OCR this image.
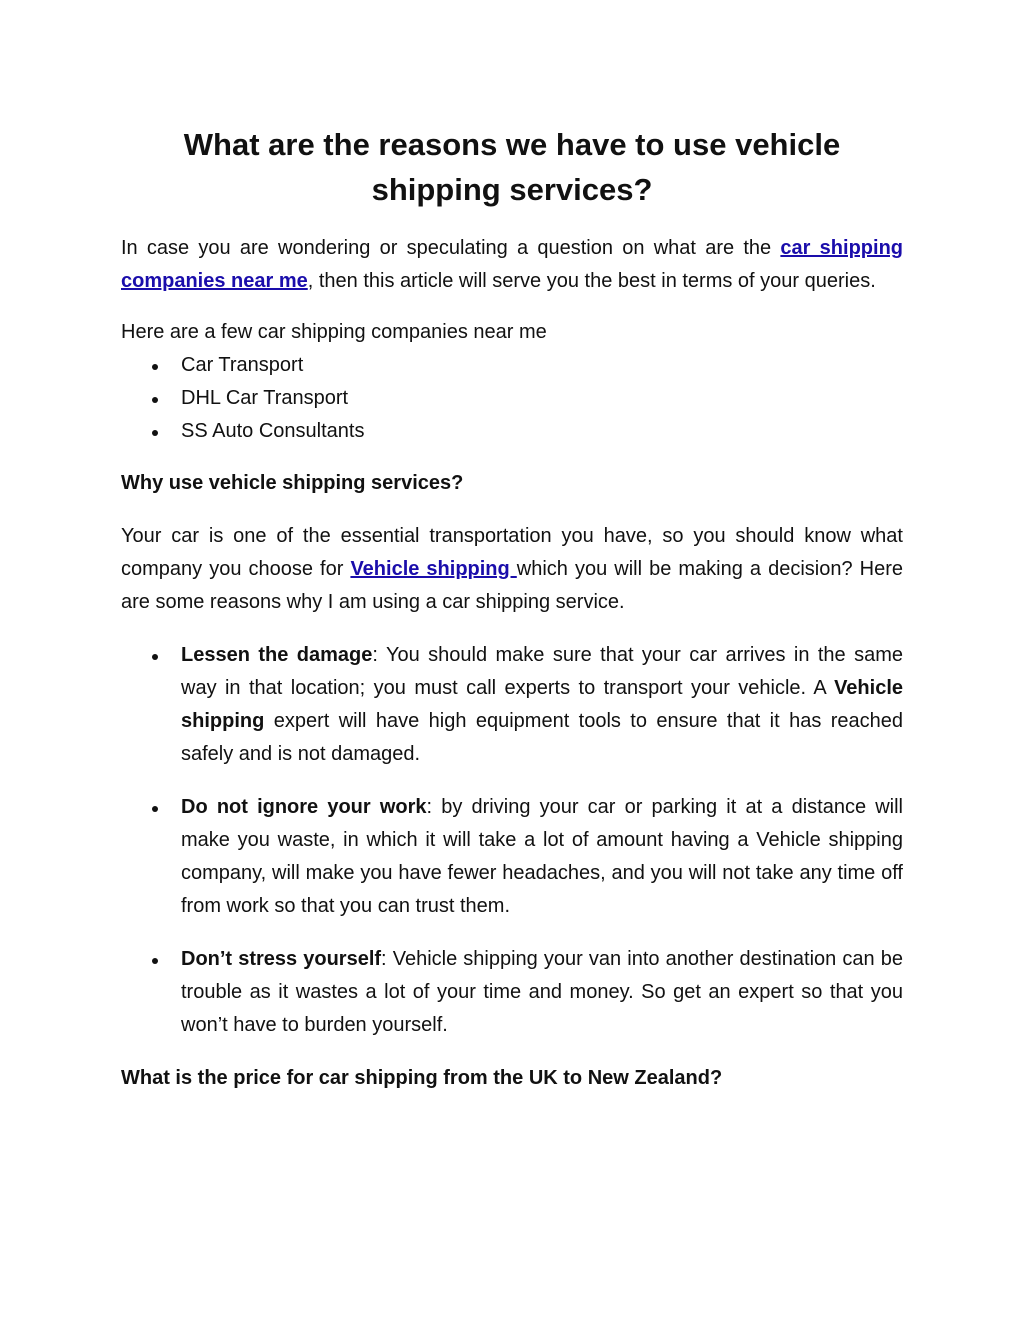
What are the reasons we have to use vehicle shipping services?

In case you are wondering or speculating a question on what are the car shipping companies near me, then this article will serve you the best in terms of your queries.

Here are a few car shipping companies near me

Car Transport
DHL Car Transport
SS Auto Consultants

Why use vehicle shipping services?

Your car is one of the essential transportation you have, so you should know what company you choose for Vehicle shipping which you will be making a decision? Here are some reasons why I am using a car shipping service.

Lessen the damage: You should make sure that your car arrives in the same way in that location; you must call experts to transport your vehicle. A Vehicle shipping expert will have high equipment tools to ensure that it has reached safely and is not damaged.
Do not ignore your work: by driving your car or parking it at a distance will make you waste, in which it will take a lot of amount having a Vehicle shipping company, will make you have fewer headaches, and you will not take any time off from work so that you can trust them.
Don’t stress yourself: Vehicle shipping your van into another destination can be trouble as it wastes a lot of your time and money. So get an expert so that you won’t have to burden yourself.

What is the price for car shipping from the UK to New Zealand?
